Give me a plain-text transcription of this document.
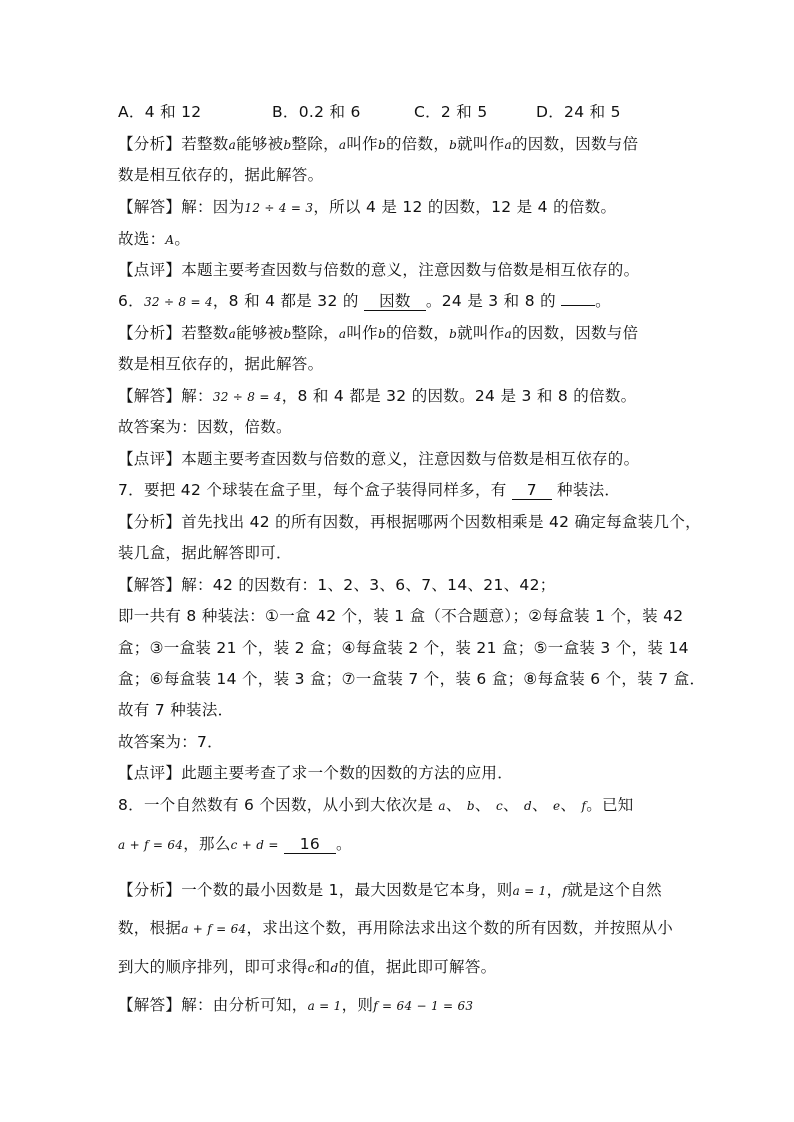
A．4 和 12	B．0.2 和 6	C．2 和 5	D．24 和 5
【分析】若整数a能够被b整除，a叫作b的倍数，b就叫作a的因数，因数与倍
数是相互依存的，据此解答。
【解答】解：因为12 ÷ 4 = 3，所以 4 是 12 的因数，12 是 4 的倍数。
故选：A。
【点评】本题主要考查因数与倍数的意义，注意因数与倍数是相互依存的。
6．32 ÷ 8 = 4，8 和 4 都是 32 的 因数 。24 是 3 和 8 的	。
【分析】若整数a能够被b整除，a叫作b的倍数，b就叫作a的因数，因数与倍
数是相互依存的，据此解答。
【解答】解：32 ÷ 8 = 4，8 和 4 都是 32 的因数。24 是 3 和 8 的倍数。
故答案为：因数，倍数。
【点评】本题主要考查因数与倍数的意义，注意因数与倍数是相互依存的。
7．要把 42 个球装在盒子里，每个盒子装得同样多，有 7 种装法．
【分析】首先找出 42 的所有因数，再根据哪两个因数相乘是 42 确定每盒装几个，
装几盒，据此解答即可．
【解答】解：42 的因数有：1、2、3、6、7、14、21、42；
即一共有 8 种装法：①一盒 42 个，装 1 盒（不合题意）；②每盒装 1 个，装 42
盒；③一盒装 21 个，装 2 盒；④每盒装 2 个，装 21 盒；⑤一盒装 3 个，装 14
盒；⑥每盒装 14 个，装 3 盒；⑦一盒装 7 个，装 6 盒；⑧每盒装 6 个，装 7 盒．
故有 7 种装法．
故答案为：7．
【点评】此题主要考查了求一个数的因数的方法的应用．
8．一个自然数有 6 个因数，从小到大依次是 a、 b、 c、 d、 e、 f。已知
a + f = 64，那么c + d = 16 。
【分析】一个数的最小因数是 1，最大因数是它本身，则a = 1，f就是这个自然
数，根据a + f = 64，求出这个数，再用除法求出这个数的所有因数，并按照从小
到大的顺序排列，即可求得c和d的值，据此即可解答。
【解答】解：由分析可知，a = 1，则f = 64 − 1 = 63
